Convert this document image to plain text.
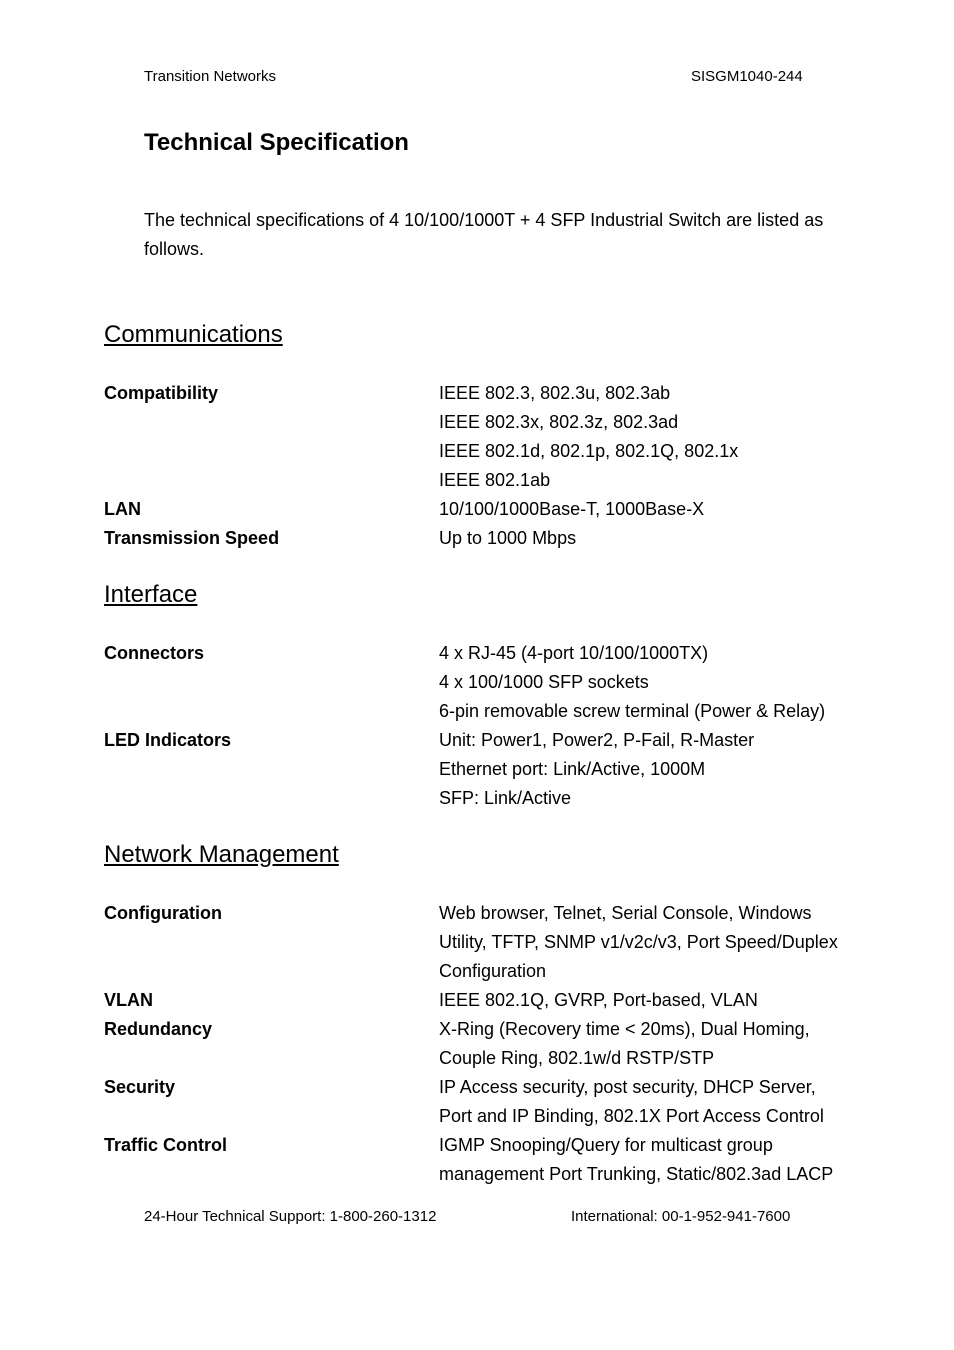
Transition Networks	SISGM1040-244
Technical Specification

The technical specifications of 4 10/100/1000T + 4 SFP Industrial Switch are listed as follows.

Communications
Compatibility	IEEE 802.3, 802.3u, 802.3ab
IEEE 802.3x, 802.3z, 802.3ad
IEEE 802.1d, 802.1p, 802.1Q, 802.1x
IEEE 802.1ab
LAN	10/100/1000Base-T, 1000Base-X
Transmission Speed	Up to 1000 Mbps
Interface
Connectors	4 x RJ-45 (4-port 10/100/1000TX)
4 x 100/1000 SFP sockets
6-pin removable screw terminal (Power & Relay)
LED Indicators	Unit: Power1, Power2, P-Fail, R-Master
Ethernet port: Link/Active, 1000M
SFP: Link/Active
Network Management
Configuration	Web browser, Telnet, Serial Console, Windows
Utility, TFTP, SNMP v1/v2c/v3, Port Speed/Duplex
Configuration
VLAN	IEEE 802.1Q, GVRP, Port-based, VLAN
Redundancy	X-Ring (Recovery time < 20ms), Dual Homing,
Couple Ring, 802.1w/d RSTP/STP
Security	IP Access security, post security, DHCP Server,
Port and IP Binding, 802.1X Port Access Control
Traffic Control	IGMP Snooping/Query for multicast group
management Port Trunking, Static/802.3ad LACP
24-Hour Technical Support: 1-800-260-1312	International: 00-1-952-941-7600
